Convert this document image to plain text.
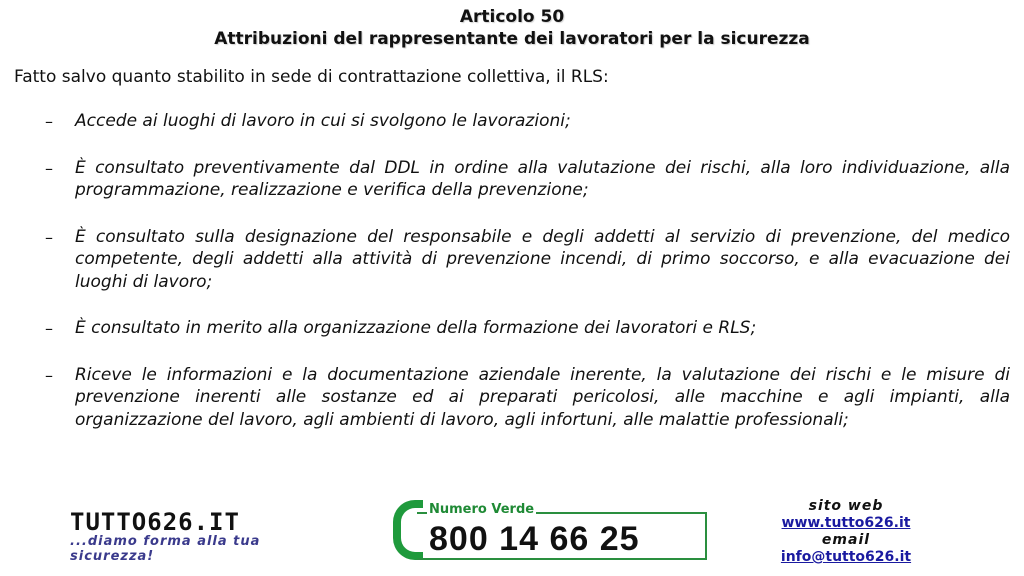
Articolo 50
Attribuzioni del rappresentante dei lavoratori per la sicurezza
Fatto salvo quanto stabilito in sede di contrattazione collettiva, il RLS:
– Accede ai luoghi di lavoro in cui si svolgono le lavorazioni;
– È consultato preventivamente dal DDL in ordine alla valutazione dei rischi, alla loro individuazione, alla programmazione, realizzazione e verifica della prevenzione;
– È consultato sulla designazione del responsabile e degli addetti al servizio di prevenzione, del medico competente, degli addetti alla attività di prevenzione incendi, di primo soccorso, e alla evacuazione dei luoghi di lavoro;
– È consultato in merito alla organizzazione della formazione dei lavoratori e RLS;
– Riceve le informazioni e la documentazione aziendale inerente, la valutazione dei rischi e le misure di prevenzione inerenti alle sostanze ed ai preparati pericolosi, alle macchine e agli impianti, alla organizzazione del lavoro, agli ambienti di lavoro, agli infortuni, alle malattie professionali;
TUTTO626.IT
...diamo forma alla tua
sicurezza!
Numero Verde
800 14 66 25
sito web
www.tutto626.it
email
info@tutto626.it
